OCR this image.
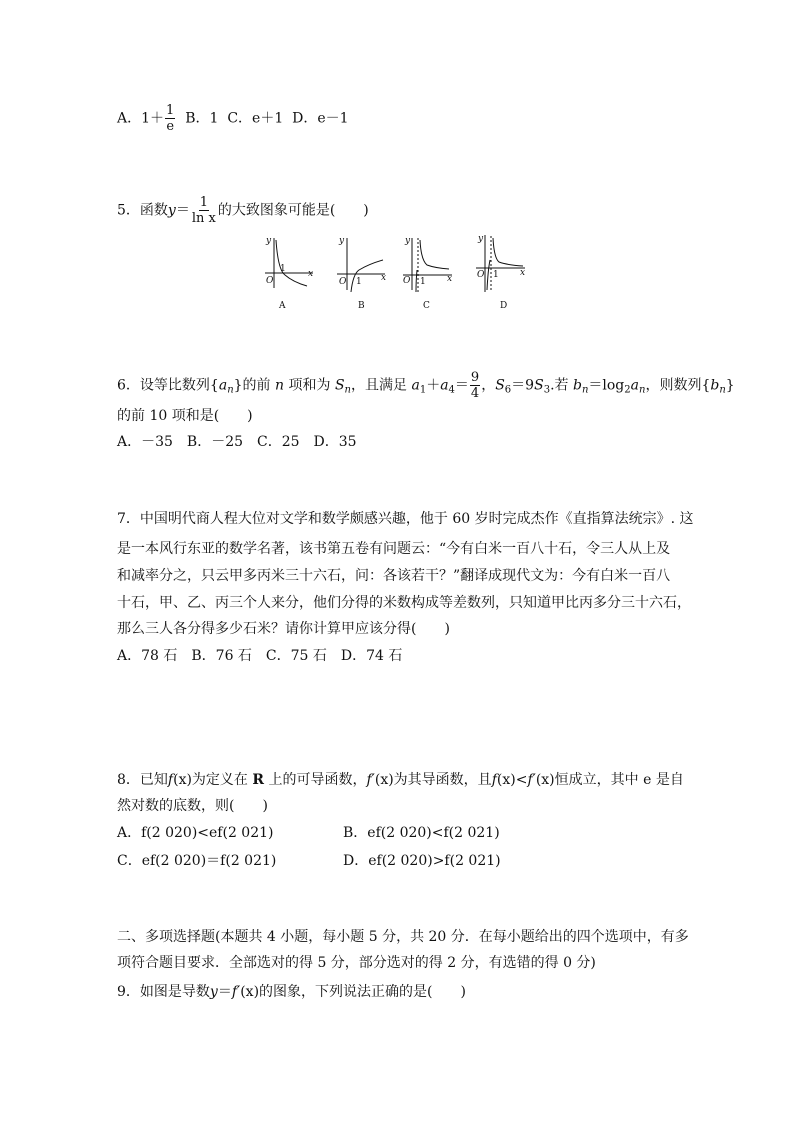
A．$1+ \frac{1}{e}$ B．1 C．e＋1 D．e－1
5．函数$y= \frac{1}{\text{ln x}}$ 的大致图象可能是(　　)
y
x
O
y
x
O
y
x
O
y
x
O
1
1	1
1
A	B	C	D
6．设等比数列$\{a_n\}$的前 n 项和为 $S_n$，且满足 $a_1+a_4= \frac{9}{4}$ ，$S_6=9S_3$.若 $b_n=\log_2a_n$，则数列$\{b_n\}$
的前 10 项和是(　　)
A．－35　B．－25　C．25　D．35
7．中国明代商人程大位对文学和数学颇感兴趣，他于 60 岁时完成杰作《直指算法统宗》. 这
是一本风行东亚的数学名著，该书第五卷有问题云：“今有白米一百八十石，令三人从上及
和减率分之，只云甲多丙米三十六石，问：各该若干？”翻译成现代文为：今有白米一百八
十石，甲、乙、丙三个人来分，他们分得的米数构成等差数列，只知道甲比丙多分三十六石，
那么三人各分得多少石米？请你计算甲应该分得(　　)
A．78 石　B．76 石　C．75 石　D．74 石
8．已知f(x)为定义在 R 上的可导函数，f′(x)为其导函数，且f(x)<f′(x)恒成立，其中 e 是自
然对数的底数，则(　　)
A．f(2 020)<ef(2 021)	B．ef(2 020)<f(2 021)
C．ef(2 020)＝f(2 021)	D．ef(2 020)>f(2 021)
二、多项选择题(本题共 4 小题，每小题 5 分，共 20 分．在每小题给出的四个选项中，有多
项符合题目要求．全部选对的得 5 分，部分选对的得 2 分，有选错的得 0 分)
9．如图是导数y＝f′(x)的图象，下列说法正确的是(　　)
